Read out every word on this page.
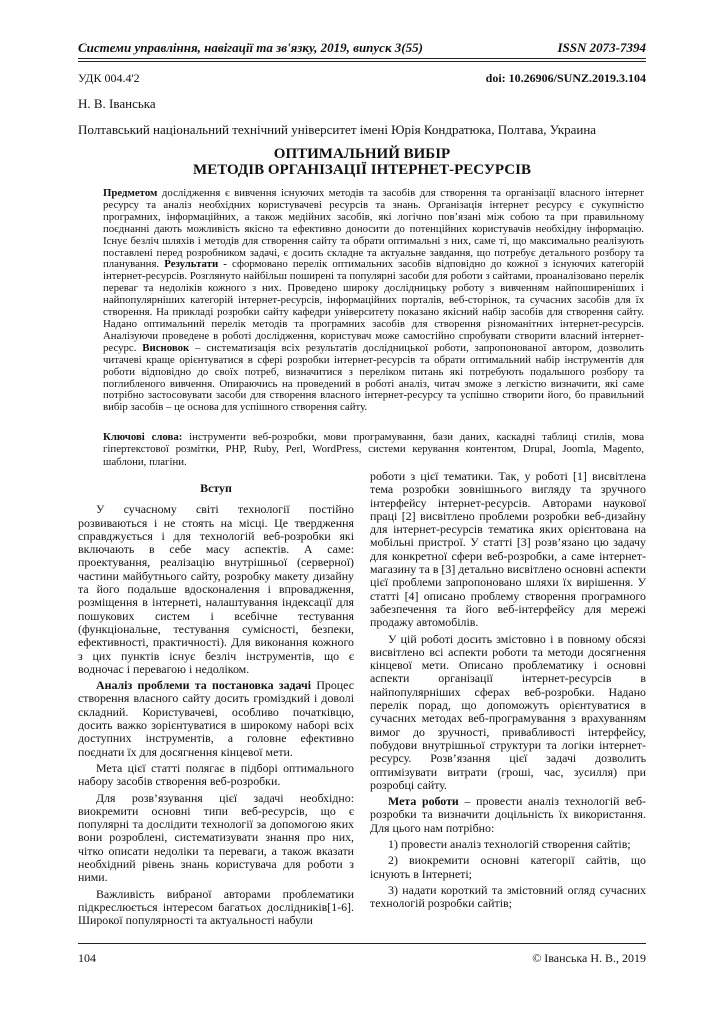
Системи управління, навігації та зв'язку, 2019, випуск 3(55)	ISSN 2073-7394
УДК 004.4'2	doi: 10.26906/SUNZ.2019.3.104
Н. В. Іванська
Полтавський національний технічний університет імені Юрія Кондратюка, Полтава, Украина
ОПТИМАЛЬНИЙ ВИБІР
МЕТОДІВ ОРГАНІЗАЦІЇ ІНТЕРНЕТ-РЕСУРСІВ

Предметом дослідження є вивчення існуючих методів та засобів для створення та організації власного інтернет ресурсу та аналіз необхідних користувачеві ресурсів та знань. Організація інтернет ресурсу є сукупністю програмних, інформаційних, а також медійних засобів, які логічно пов’язані між собою та при правильному поєднанні дають можливість якісно та ефективно доносити до потенційних користувачів необхідну інформацію. Існує безліч шляхів і методів для створення сайту та обрати оптимальні з них, саме ті, що максимально реалізують поставлені перед розробником задачі, є досить складне та актуальне завдання, що потребує детального розбору та планування. Результати - сформовано перелік оптимальних засобів відповідно до кожної з існуючих категорій інтернет-ресурсів. Розглянуто найбільш поширені та популярні засоби для роботи з сайтами, проаналізовано перелік переваг та недоліків кожного з них. Проведено широку дослідницьку роботу з вивченням найпоширеніших і найпопулярніших категорій інтернет-ресурсів, інформаційних порталів, веб-сторінок, та сучасних засобів для їх створення. На прикладі розробки сайту кафедри університету показано якісний набір засобів для створення сайту. Надано оптимальний перелік методів та програмних засобів для створення різноманітних інтернет-ресурсів. Аналізуючи проведене в роботі дослідження, користувач може самостійно спробувати створити власний інтернет-ресурс. Висновок – систематизація всіх результатів дослідницької роботи, запропонованої автором, дозволить читачеві краще орієнтуватися в сфері розробки інтернет-ресурсів та обрати оптимальний набір інструментів для роботи відповідно до своїх потреб, визначитися з переліком питань які потребують подальшого розбору та поглибленого вивчення. Опираючись на проведений в роботі аналіз, читач зможе з легкістю визначити, які саме потрібно застосовувати засоби для створення власного інтернет-ресурсу та успішно створити його, бо правильний вибір засобів – це основа для успішного створення сайту.

Ключові слова: інструменти веб-розробки, мови програмування, бази даних, каскадні таблиці стилів, мова гіпертекстової розмітки, PHP, Ruby, Perl, WordPress, системи керування контентом, Drupal, Joomla, Magento, шаблони, плагіни.
Вступ

У сучасному світі технології постійно розвиваються і не стоять на місці. Це твердження справджується і для технологій веб-розробки які включають в себе масу аспектів. А саме: проектування, реалізацію внутрішньої (серверної) частини майбутнього сайту, розробку макету дизайну та його подальше вдосконалення і впровадження, розміщення в інтернеті, налаштування індексації для пошукових систем і всебічне тестування (функціональне, тестування сумісності, безпеки, ефективності, практичності). Для виконання кожного з цих пунктів існує безліч інструментів, що є водночас і перевагою і недоліком.

Аналіз проблеми та постановка задачі Процес створення власного сайту досить громіздкий і доволі складний. Користувачеві, особливо початківцю, досить важко зорієнтуватися в широкому наборі всіх доступних інструментів, а головне ефективно поєднати їх для досягнення кінцевої мети.

Мета цієї статті полягає в підборі оптимального набору засобів створення веб-розробки.

Для розв’язування цієї задачі необхідно: виокремити основні типи веб-ресурсів, що є популярні та дослідити технології за допомогою яких вони розроблені, систематизувати знання про них, чітко описати недоліки та переваги, а також вказати необхідний рівень знань користувача для роботи з ними.

Важливість вибраної авторами проблематики підкреслюється інтересом багатьох дослідників[1-6]. Широкої популярності та актуальності набули

роботи з цієї тематики. Так, у роботі [1] висвітлена тема розробки зовнішнього вигляду та зручного інтерфейсу інтернет-ресурсів. Авторами наукової праці [2] висвітлено проблеми розробки веб-дизайну для інтернет-ресурсів тематика яких орієнтована на мобільні пристрої. У статті [3] розв’язано цю задачу для конкретної сфери веб-розробки, а саме інтернет-магазину та в [3] детально висвітлено основні аспекти цієї проблеми запропоновано шляхи їх вирішення. У статті [4] описано проблему створення програмного забезпечення та його веб-інтерфейсу для мережі продажу автомобілів.

У цій роботі досить змістовно і в повному обсязі висвітлено всі аспекти роботи та методи досягнення кінцевої мети. Описано проблематику і основні аспекти організації інтернет-ресурсів в найпопулярніших сферах веб-розробки. Надано перелік порад, що допоможуть орієнтуватися в сучасних методах веб-програмування з врахуванням вимог до зручності, привабливості інтерфейсу, побудови внутрішньої структури та логіки інтернет-ресурсу. Розв’язання цієї задачі дозволить оптимізувати витрати (гроші, час, зусилля) при розробці сайту.

Мета роботи – провести аналіз технологій веб-розробки та визначити доцільність їх використання. Для цього нам потрібно:

1) провести аналіз технологій створення сайтів;

2) виокремити основні категорії сайтів, що існують в Інтернеті;

3) надати короткий та змістовний огляд сучасних технологій розробки сайтів;

104	© Іванська Н. В., 2019
